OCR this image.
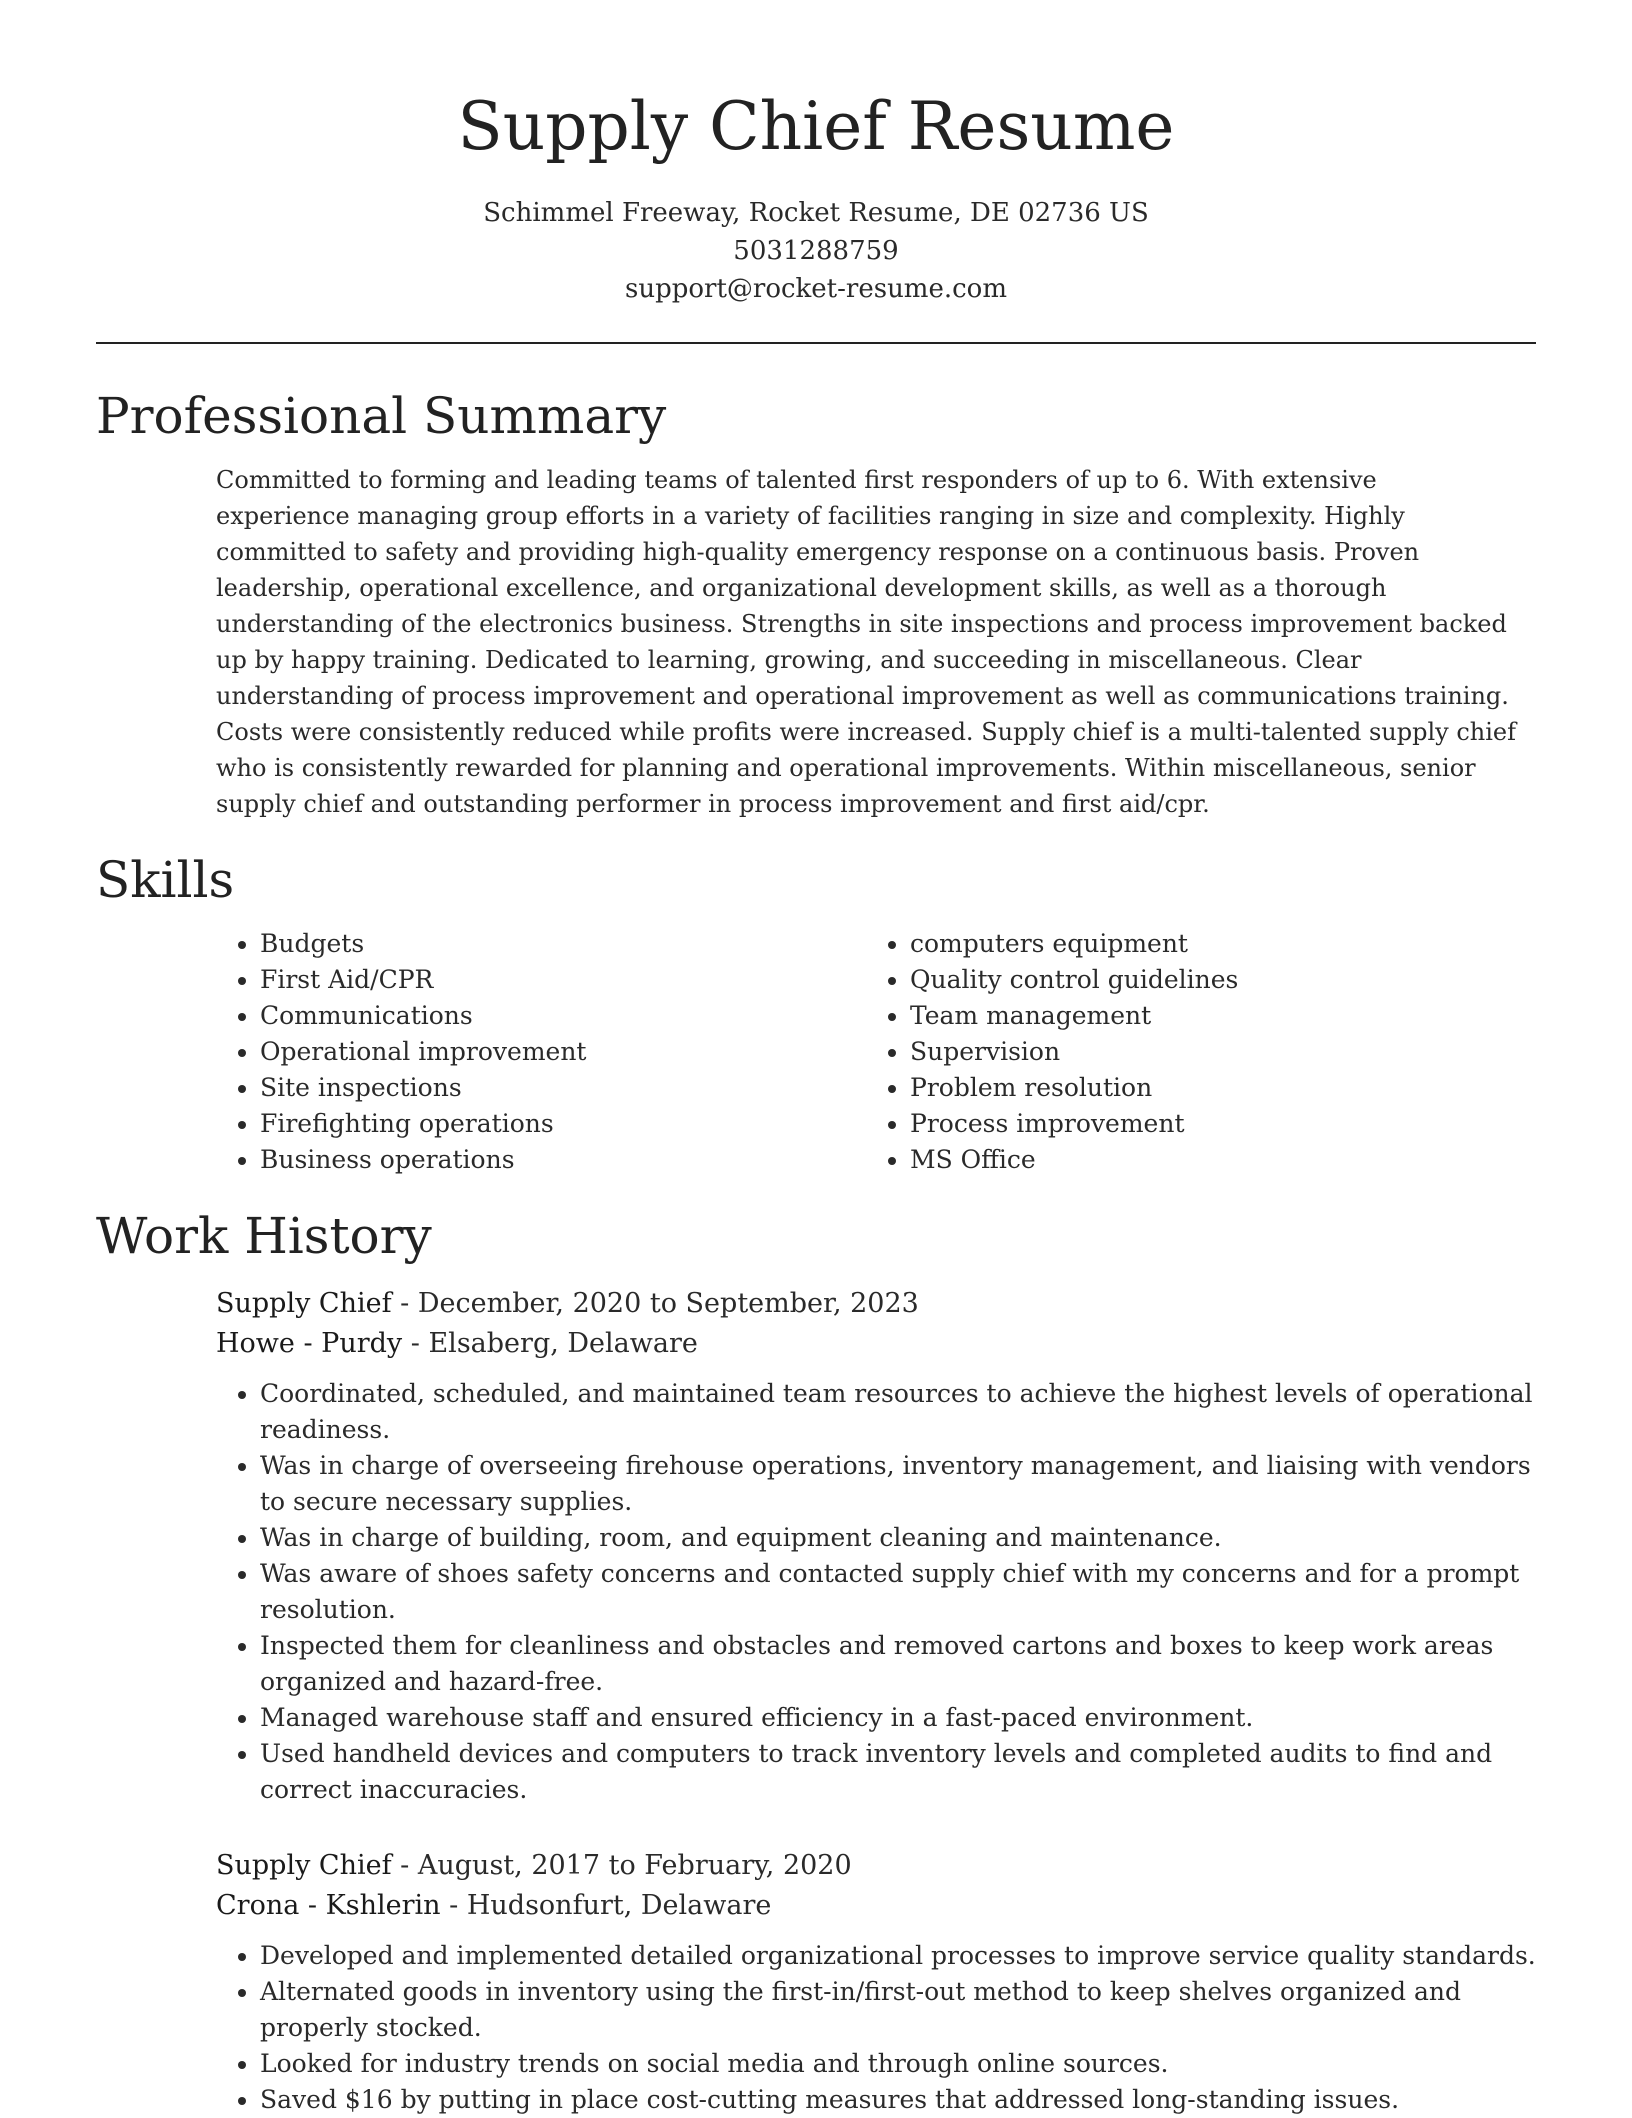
Supply Chief Resume
Schimmel Freeway, Rocket Resume, DE 02736 US
5031288759
support@rocket-resume.com
Professional Summary

Committed to forming and leading teams of talented first responders of up to 6. With extensive experience managing group efforts in a variety of facilities ranging in size and complexity. Highly committed to safety and providing high-quality emergency response on a continuous basis. Proven leadership, operational excellence, and organizational development skills, as well as a thorough understanding of the electronics business. Strengths in site inspections and process improvement backed up by happy training. Dedicated to learning, growing, and succeeding in miscellaneous. Clear understanding of process improvement and operational improvement as well as communications training. Costs were consistently reduced while profits were increased. Supply chief is a multi-talented supply chief who is consistently rewarded for planning and operational improvements. Within miscellaneous, senior supply chief and outstanding performer in process improvement and first aid/cpr.

Skills
• Budgets
• First Aid/CPR
• Communications
• Operational improvement
• Site inspections
• Firefighting operations
• Business operations
• computers equipment
• Quality control guidelines
• Team management
• Supervision
• Problem resolution
• Process improvement
• MS Office
Work History
Supply Chief - December, 2020 to September, 2023
Howe - Purdy - Elsaberg, Delaware
• Coordinated, scheduled, and maintained team resources to achieve the highest levels of operational readiness.
• Was in charge of overseeing firehouse operations, inventory management, and liaising with vendors to secure necessary supplies.
• Was in charge of building, room, and equipment cleaning and maintenance.
• Was aware of shoes safety concerns and contacted supply chief with my concerns and for a prompt resolution.
• Inspected them for cleanliness and obstacles and removed cartons and boxes to keep work areas organized and hazard-free.
• Managed warehouse staff and ensured efficiency in a fast-paced environment.
• Used handheld devices and computers to track inventory levels and completed audits to find and correct inaccuracies.
Supply Chief - August, 2017 to February, 2020
Crona - Kshlerin - Hudsonfurt, Delaware
• Developed and implemented detailed organizational processes to improve service quality standards.
• Alternated goods in inventory using the first-in/first-out method to keep shelves organized and properly stocked.
• Looked for industry trends on social media and through online sources.
• Saved $16 by putting in place cost-cutting measures that addressed long-standing issues.
